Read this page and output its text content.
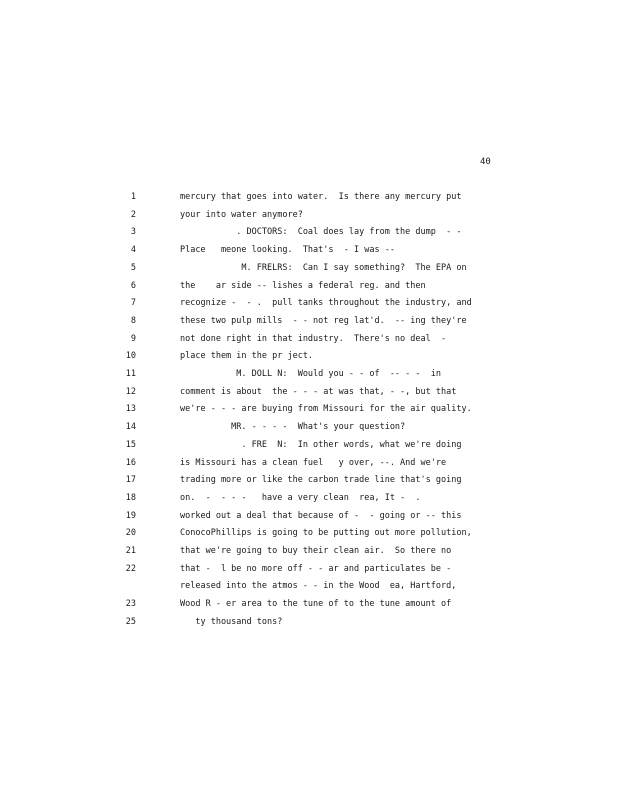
40
1	mercury that goes into water.  Is there any mercury put
2	your into water anymore?
3	. DOCTORS:  Coal does lay from the dump  - -
4	Place   meone looking.  That's  - I was --
5	M. FRELRS:  Can I say something?  The EPA on
6	the    ar side -- lishes a federal reg. and then
7	recognize -  - .  pull tanks throughout the industry, and
8	these two pulp mills  - - not reg lat'd.  -- ing they're
9	not done right in that industry.  There's no deal  -
10	place them in the pr ject.
11	M. DOLL N:  Would you - - of  -- - -  in
12	comment is about  the - - - at was that, - -, but that
13	we're - - - are buying from Missouri for the air quality.
14	MR. - - - -  What's your question?
15	. FRE  N:  In other words, what we're doing
16	is Missouri has a clean fuel   y over, --. And we're
17	trading more or like the carbon trade line that's going
18	on.  -  - - -   have a very clean  rea, It -  .
19	worked out a deal that because of -  - going or -- this
20	ConocoPhillips is going to be putting out more pollution,
21	that we're going to buy their clean air.  So there no
22	that -  l be no more off - - ar and particulates be -
released into the atmos - - in the Wood  ea, Hartford,
23	Wood R - er area to the tune of to the tune amount of
25	ty thousand tons?
